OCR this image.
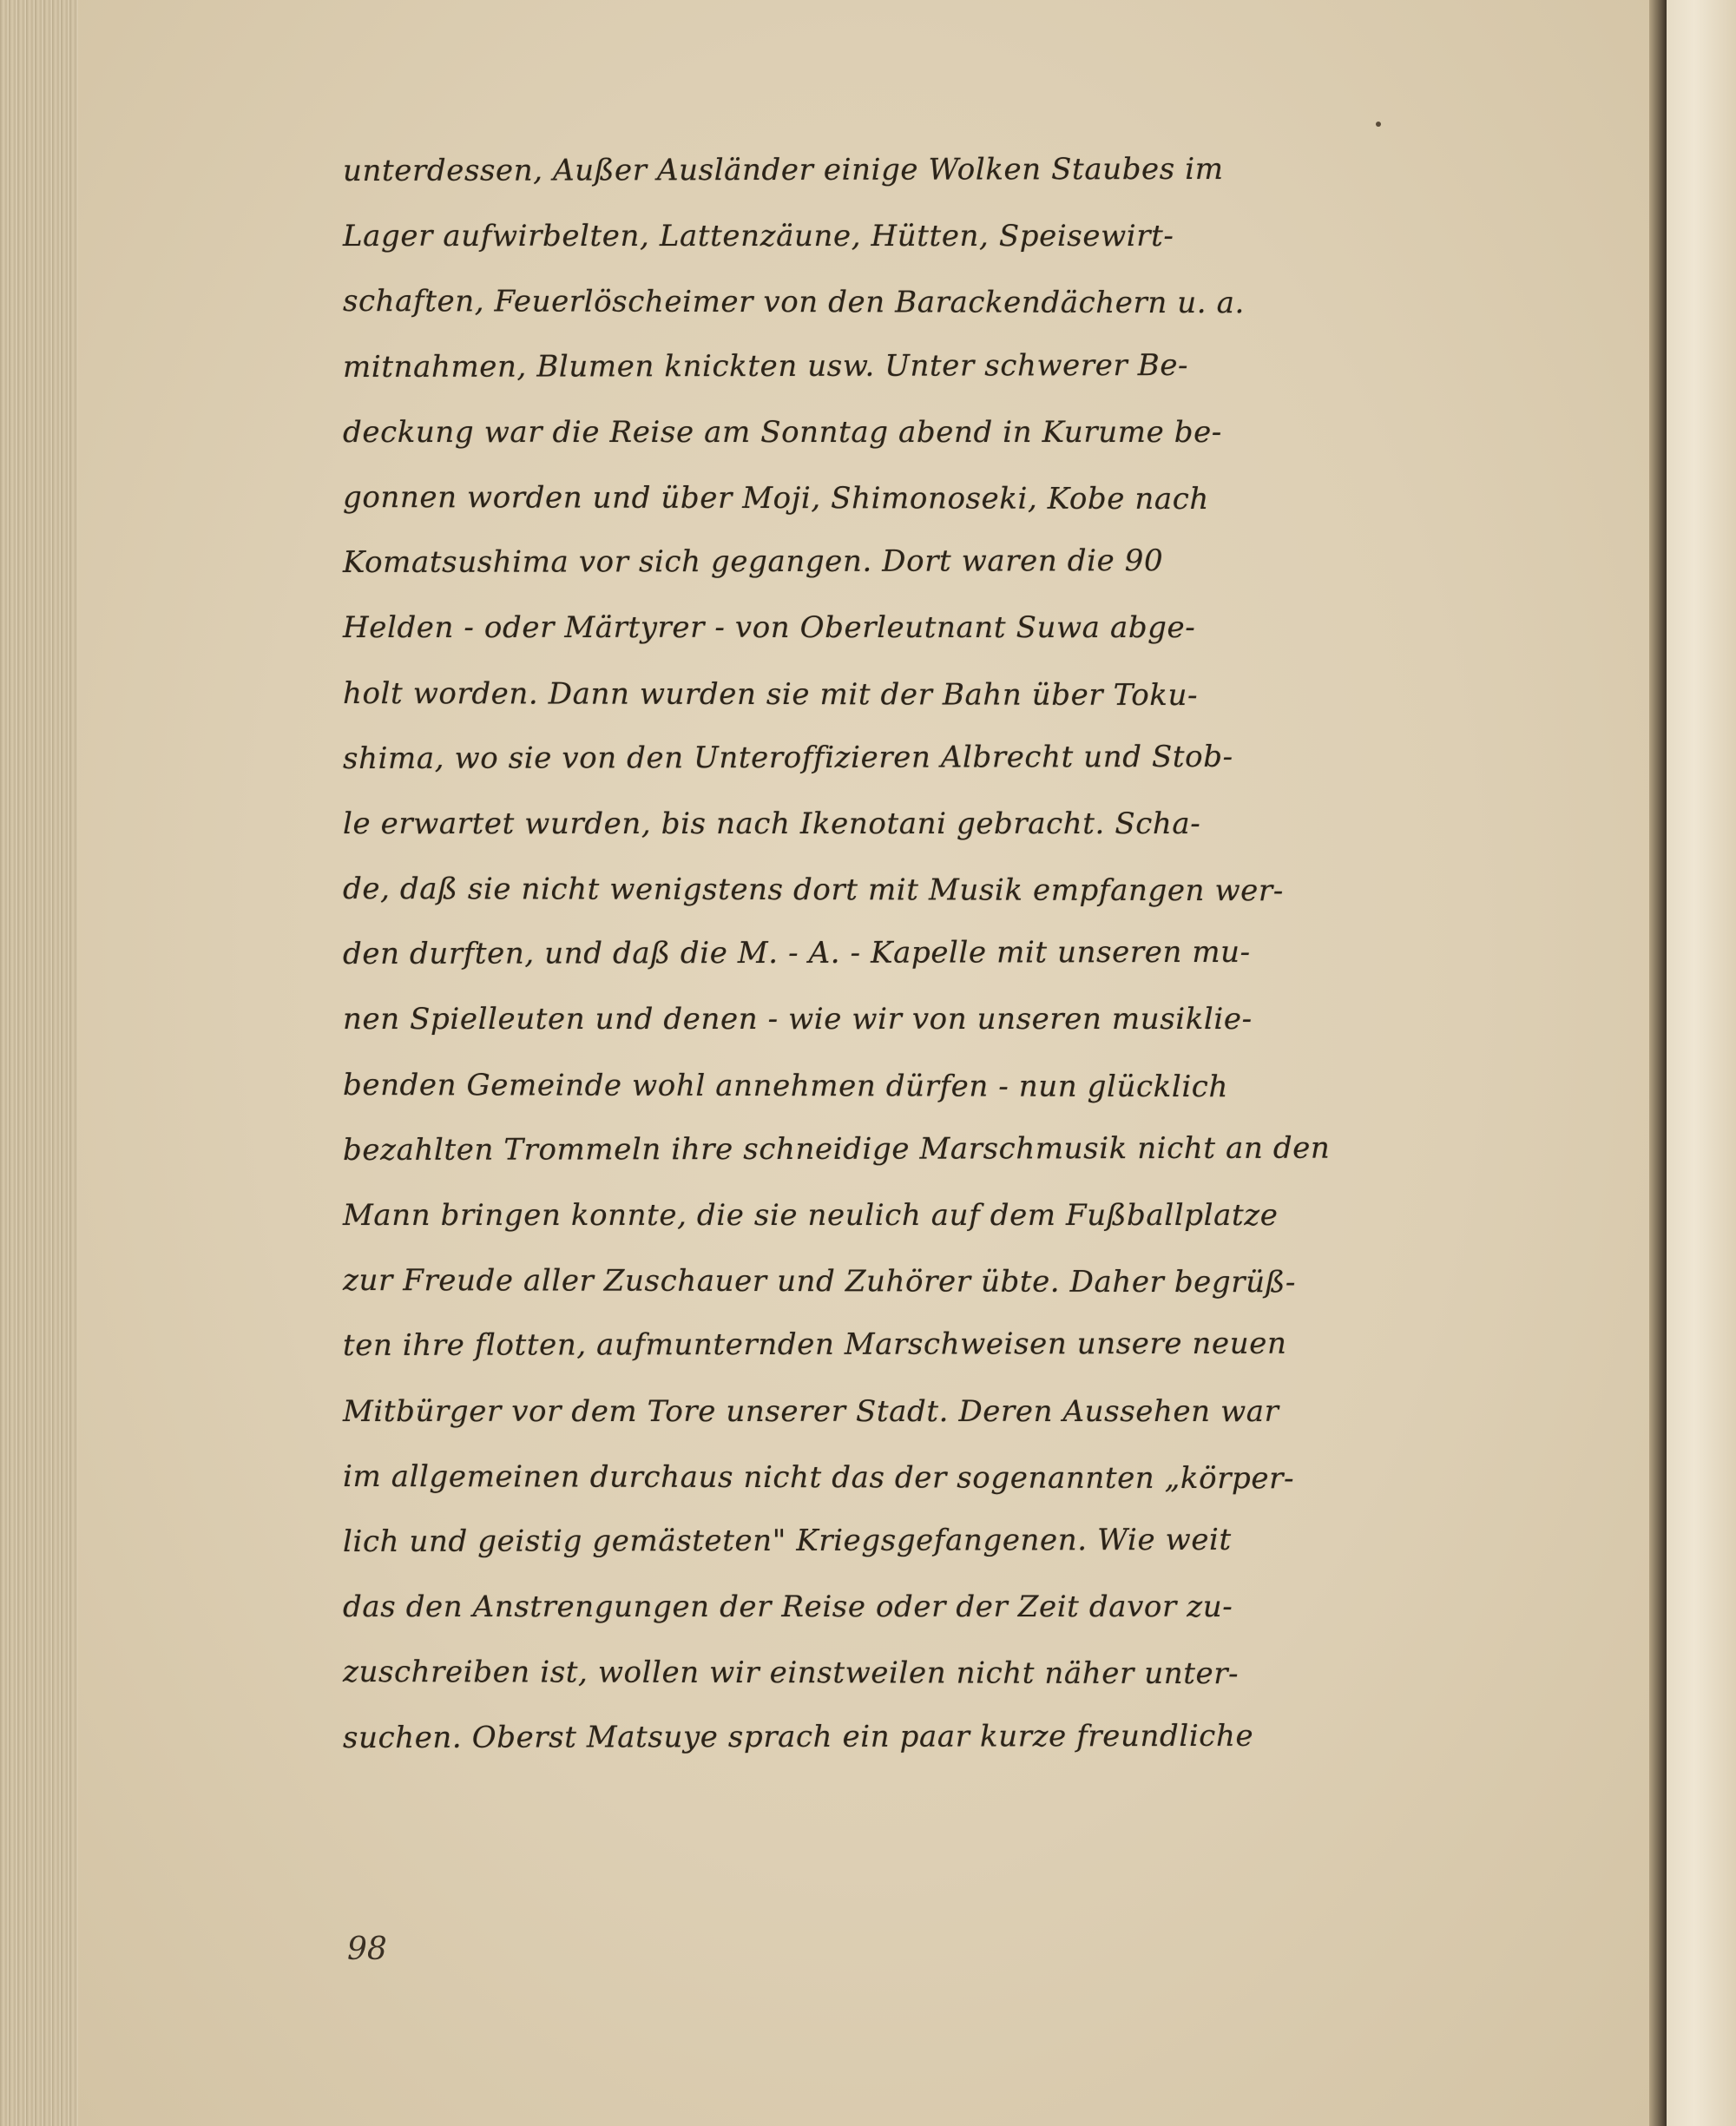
unterdessen, Außer Ausländer einige Wolken Staubes im
Lager aufwirbelten, Lattenzäune, Hütten, Speisewirt-
schaften, Feuerlöscheimer von den Barackendächern u. a.
mitnahmen, Blumen knickten usw. Unter schwerer Be-
deckung war die Reise am Sonntag abend in Kurume be-
gonnen worden und über Moji, Shimonoseki, Kobe nach
Komatsushima vor sich gegangen. Dort waren die 90
Helden - oder Märtyrer - von Oberleutnant Suwa abge-
holt worden. Dann wurden sie mit der Bahn über Toku-
shima, wo sie von den Unteroffizieren Albrecht und Stob-
le erwartet wurden, bis nach Ikenotani gebracht. Scha-
de, daß sie nicht wenigstens dort mit Musik empfangen wer-
den durften, und daß die M. - A. - Kapelle mit unseren mu-
nen Spielleuten und denen - wie wir von unseren musiklie-
benden Gemeinde wohl annehmen dürfen - nun glücklich
bezahlten Trommeln ihre schneidige Marschmusik nicht an den
Mann bringen konnte, die sie neulich auf dem Fußballplatze
zur Freude aller Zuschauer und Zuhörer übte. Daher begrüß-
ten ihre flotten, aufmunternden Marschweisen unsere neuen
Mitbürger vor dem Tore unserer Stadt. Deren Aussehen war
im allgemeinen durchaus nicht das der sogenannten „körper-
lich und geistig gemästeten" Kriegsgefangenen. Wie weit
das den Anstrengungen der Reise oder der Zeit davor zu-
zuschreiben ist, wollen wir einstweilen nicht näher unter-
suchen. Oberst Matsuye sprach ein paar kurze freundliche
98
